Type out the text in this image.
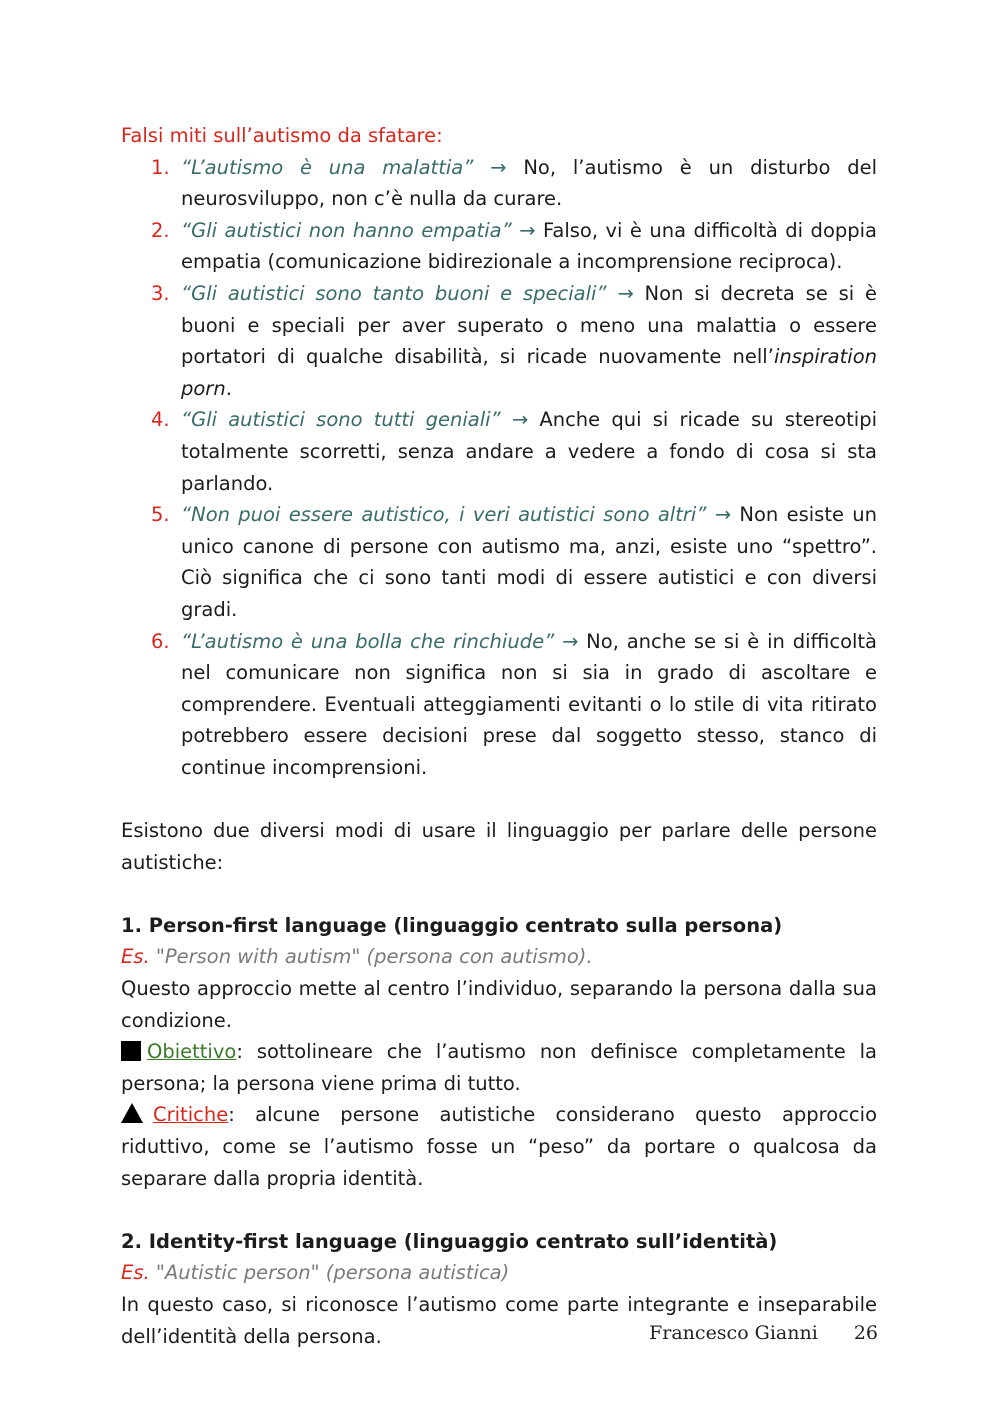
Falsi miti sull’autismo da sfatare:
1. “L’autismo è una malattia” → No, l’autismo è un disturbo del neurosviluppo, non c’è nulla da curare.
2. “Gli autistici non hanno empatia” → Falso, vi è una difficoltà di doppia empatia (comunicazione bidirezionale a incomprensione reciproca).
3. “Gli autistici sono tanto buoni e speciali” → Non si decreta se si è buoni e speciali per aver superato o meno una malattia o essere portatori di qualche disabilità, si ricade nuovamente nell’inspiration porn.
4. “Gli autistici sono tutti geniali” → Anche qui si ricade su stereotipi totalmente scorretti, senza andare a vedere a fondo di cosa si sta parlando.
5. “Non puoi essere autistico, i veri autistici sono altri” → Non esiste un unico canone di persone con autismo ma, anzi, esiste uno “spettro”. Ciò significa che ci sono tanti modi di essere autistici e con diversi gradi.
6. “L’autismo è una bolla che rinchiude” → No, anche se si è in difficoltà nel comunicare non significa non si sia in grado di ascoltare e comprendere. Eventuali atteggiamenti evitanti o lo stile di vita ritirato potrebbero essere decisioni prese dal soggetto stesso, stanco di continue incomprensioni.
Esistono due diversi modi di usare il linguaggio per parlare delle persone autistiche:
1. Person-first language (linguaggio centrato sulla persona)
Es. "Person with autism" (persona con autismo).
Questo approccio mette al centro l’individuo, separando la persona dalla sua condizione.
Obiettivo: sottolineare che l’autismo non definisce completamente la persona; la persona viene prima di tutto.
Critiche: alcune persone autistiche considerano questo approccio riduttivo, come se l’autismo fosse un “peso” da portare o qualcosa da separare dalla propria identità.
2. Identity-first language (linguaggio centrato sull’identità)
Es. "Autistic person" (persona autistica)
In questo caso, si riconosce l’autismo come parte integrante e inseparabile dell’identità della persona.	Francesco Gianni 26
